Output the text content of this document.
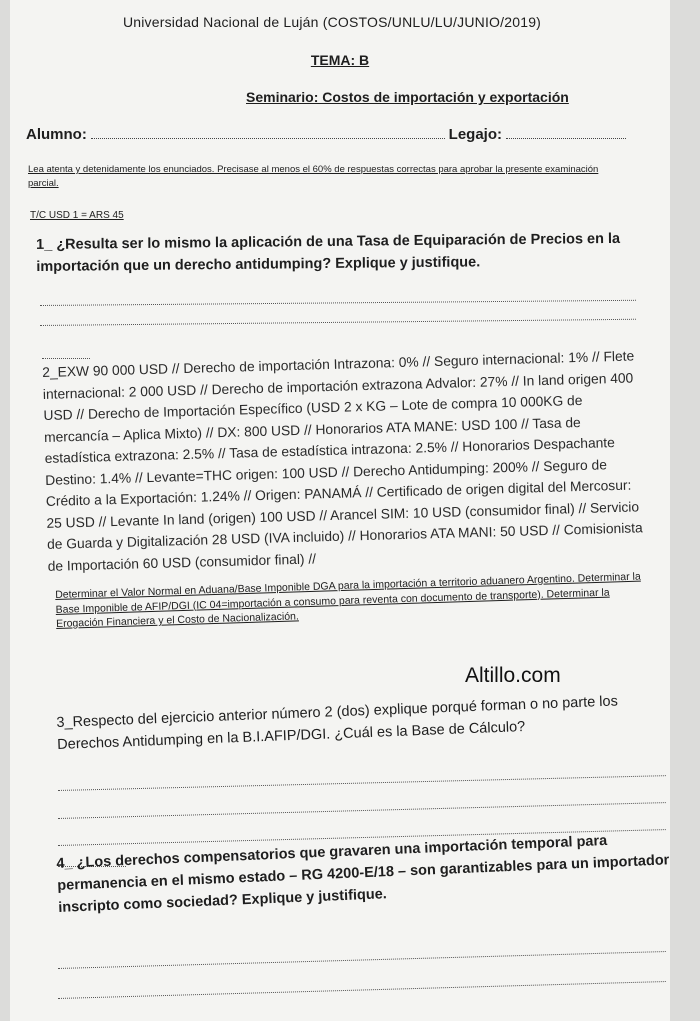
Universidad Nacional de Luján (COSTOS/UNLU/LU/JUNIO/2019)
TEMA: B
Seminario: Costos de importación y exportación
Alumno:	Legajo:
Lea atenta y detenidamente los enunciados. Precisase al menos el 60% de respuestas correctas para aprobar la presente examinación parcial.
T/C USD 1 = ARS 45
1_ ¿Resulta ser lo mismo la aplicación de una Tasa de Equiparación de Precios en la importación que un derecho antidumping? Explique y justifique.
2_EXW 90 000 USD // Derecho de importación Intrazona: 0% // Seguro internacional: 1% // Flete internacional: 2 000 USD // Derecho de importación extrazona Advalor: 27% // In land origen 400 USD // Derecho de Importación Específico (USD 2 x KG – Lote de compra 10 000KG de mercancía – Aplica Mixto) // DX: 800 USD // Honorarios ATA MANE: USD 100 // Tasa de estadística extrazona: 2.5% // Tasa de estadística intrazona: 2.5% // Honorarios Despachante Destino: 1.4% // Levante=THC origen: 100 USD // Derecho Antidumping: 200% // Seguro de Crédito a la Exportación: 1.24% // Origen: PANAMÁ // Certificado de origen digital del Mercosur: 25 USD // Levante In land (origen) 100 USD // Arancel SIM: 10 USD (consumidor final) // Servicio de Guarda y Digitalización 28 USD (IVA incluido) // Honorarios ATA MANI: 50 USD // Comisionista de Importación 60 USD (consumidor final) //
Determinar el Valor Normal en Aduana/Base Imponible DGA para la importación a territorio aduanero Argentino. Determinar la Base Imponible de AFIP/DGI (IC 04=importación a consumo para reventa con documento de transporte). Determinar la Erogación Financiera y el Costo de Nacionalización.
Altillo.com
3_Respecto del ejercicio anterior número 2 (dos) explique porqué forman o no parte los Derechos Antidumping en la B.I.AFIP/DGI. ¿Cuál es la Base de Cálculo?
4_ ¿Los derechos compensatorios que gravaren una importación temporal para permanencia en el mismo estado – RG 4200-E/18 – son garantizables para un importador inscripto como sociedad? Explique y justifique.
